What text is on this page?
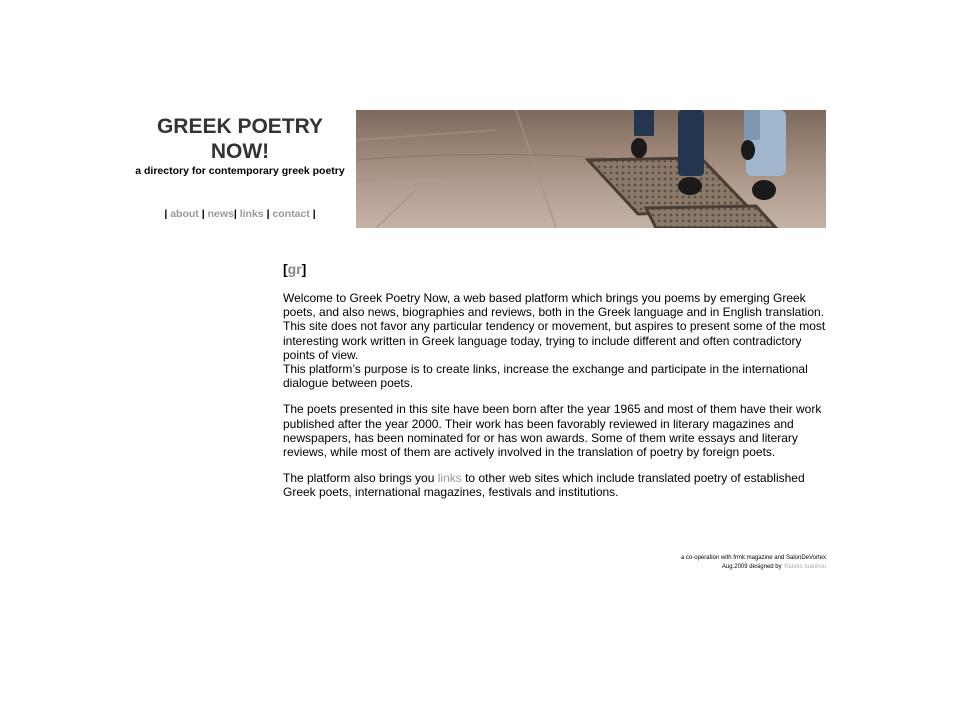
GREEK POETRY
NOW!

a directory for contemporary greek poetry

| about | news| links | contact |
[gr]

Welcome to Greek Poetry Now, a web based platform which brings you poems by emerging Greek poets, and also news, biographies and reviews, both in the Greek language and in English translation.
This site does not favor any particular tendency or movement, but aspires to present some of the most interesting work written in Greek language today, trying to include different and often contradictory points of view.
This platform’s purpose is to create links, increase the exchange and participate in the international dialogue between poets.

The poets presented in this site have been born after the year 1965 and most of them have their work published after the year 2000. Their work has been favorably reviewed in literary magazines and newspapers, has been nominated for or has won awards. Some of them write essays and literary reviews, while most of them are actively involved in the translation of poetry by foreign poets.

The platform also brings you links to other web sites which include translated poetry of established Greek poets, international magazines, festivals and institutions.

a co-operation with frmk magazine and SalonDeVortex
Aug.2009 designed by Yiannis Ioannou
